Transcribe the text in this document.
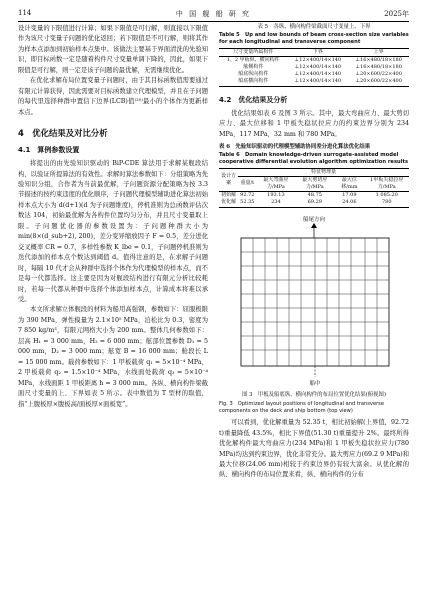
114	中 国 舰 船 研 究	2025年

设计变量的下限值进行计算；如果下限值是可行解，则直接以下限值作为该尺寸变量子问题的优化返回；若下限值是不可行解，则将其作为样本点添加到初始样本点集中。该做法主要基于界面清洗的先验知识，即目标函数一定是随着构件尺寸变量单调下降的，因此，如果下限值是可行解，则一定是该子问题的最优解，无需继续优化。

在优化求解布局位置变量子问题时，由于其目标函数值需要通过有限元计算获得，因此需要对目标函数建立代理模型，并且在子问题的每代里选择种群中置信下边界(LCB)值⁽²⁰⁾最小的个体作为更新样本点。

4　优化结果及对比分析
4.1　算例参数设置

将提出的由先验知识驱动的 BiP-CDE 算法用于求解某舰段结构，以验证所提算法的有效性。求解时算法参数如下：分组策略为先验知识分组，合作者为当前最优解，子问题资源分配策略为按 3.3 节描述的按约束违度的优化顺序，子问题代理模型辅助进化算法初始样本点大小为 d(d+1)(d 为子问题维度)，停机准则为总函数评估次数达 104，初始最优解为各构件位置均匀分布，并且尺寸变量取上限。子问题优化器的参数设置为：子问题种群大小为 min(8×(d_sub+2), 200)，差分变异缩放因子 F = 0.5，差分进化交叉概率 CR = 0.7，多样性参数 K_lbe = 0.1，子问题停机准则为迭代添加的样本点个数达到阈值 d。值得注意的是，在求解子问题时，每隔 10 代才会从种群中选择个体作为代理模型的样本点，而不是每一代都选择。这主要是因为对舰段结构进行有限元分析比较耗时，若每一代都从种群中选择个体添加样本点，计算成本将难以承受。

本文所求解立体舰段的材料为船用高强钢，参数如下：屈服极限为 390 MPa，弹性模量为 2.1×10⁵ MPa，泊松比为 0.3，密度为 7 850 kg/m³，有限元网格大小为 200 mm。整体几何参数如下：层高 H₁ = 3 000 mm，H₂ = 6 000 mm；舷部位置参数 D₁ = 5 000 mm，D₂ = 3 000 mm；舷宽 B = 16 000 mm；舱段长 L = 15 000 mm。载荷参数如下：1 甲板载荷 q₁ = 5×10⁻⁴ MPa，2 甲板载荷 q₂ = 1.5×10⁻⁴ MPa，水线面处载荷 q₃ = 5×10⁻⁴ MPa，水线面距 1 甲板距离 h = 3 000 mm。各纵、横向构件梁截面尺寸变量的上、下界如表 5 所示。表中数值为 T 型材的取值，指“上腹板厚×腹板高/面板厚×面板宽”。

表 5　各纵、横向构件梁截面尺寸变量上、下界
Table 5　Up and low bounds of beam cross-section size variables for each longitudinal and transverse component
尺寸变量所属构件	下界	上界
1、2 甲板纵、横向构件	⊥12×400/14×140	⊥16×480/18×180
舷侧构件	⊥12×400/14×140	⊥16×480/18×180
船底纵向构件	⊥12×400/14×140	⊥20×600/22×400
船底横向构件	⊥12×400/14×140	⊥20×600/22×400
4.2　优化结果及分析

优化结果如表 6 及图 3 所示。其中，最大弯曲应力、最大剪切应力、最大位移和 1 甲板失稳状拉应力的约束边界分别为 234 MPa，117 MPa，32 mm 和 780 MPa。

表 6　先验知识驱动的代理模型辅助协同差分进化算法优化结果
Table 6　Domain knowledge-driven surrogate-assisted model cooperative differential evolution algorithm optimization results
设计方案	特征物理量				
	重量/t	最大弯曲应力/MPa	最大剪切应力/MPa	最大位移/mm	1甲板失稳拉应力/MPa
初始解	92.72	193.13	48.75	17.09	1 085.20
优化解	52.35	234	69.29	24.06	780
船尾方向
船中
图 3　甲板及船底纵、横向构件的布局位置优化结果(俯视图)
Fig. 3　Optimized layout positions of longitudinal and transverse components on the deck and ship bottom (top view)

可以看到，优化解重量为 52.35 t，相比初始解(上界值，92.72 t)重量降低 43.5%，相比下界值(51.30 t)重量提升 2%。最终所得优化解构件最大弯曲应力(234 MPa)和 1 甲板失稳状拉应力(780 MPa)均达到约束边界，优化非常充分。最大剪应力(69.2 9 MPa)和最大位移(24.06 mm)相较于约束边界仍有较大富余。从优化解的纵、横向构件的布局位置来看，纵、横向构件的分布
